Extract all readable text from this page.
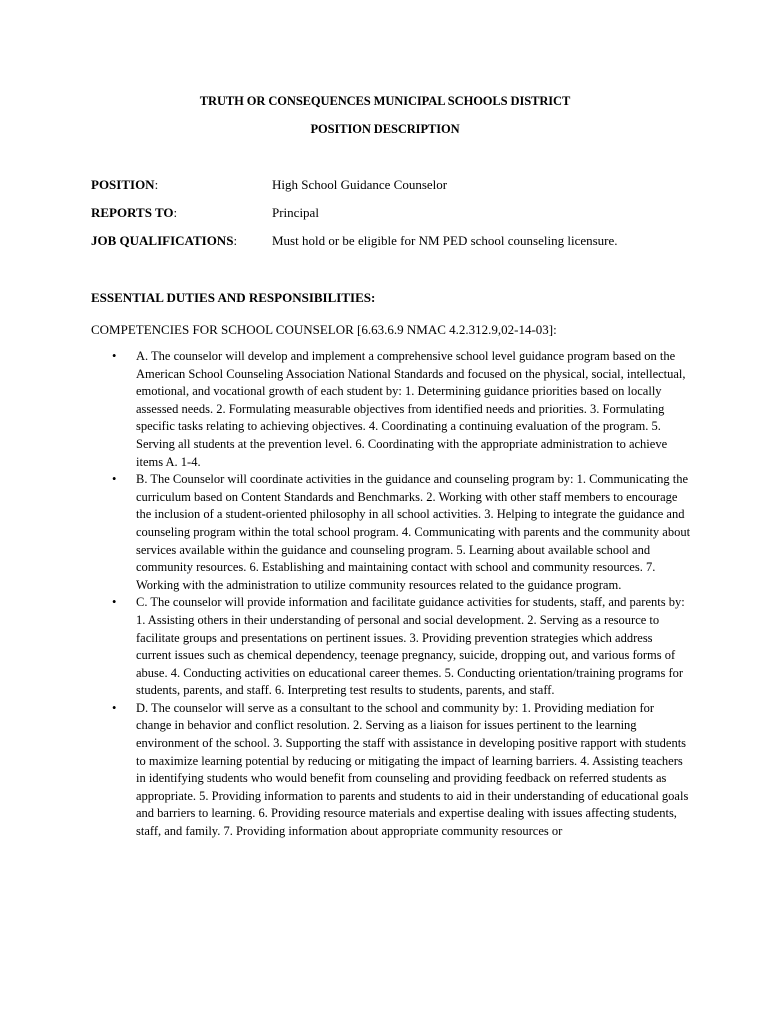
TRUTH OR CONSEQUENCES MUNICIPAL SCHOOLS DISTRICT
POSITION DESCRIPTION
POSITION:	High School Guidance Counselor
REPORTS TO:	Principal
JOB QUALIFICATIONS:	Must hold or be eligible for NM PED school counseling licensure.
ESSENTIAL DUTIES AND RESPONSIBILITIES:
COMPETENCIES FOR SCHOOL COUNSELOR [6.63.6.9 NMAC 4.2.312.9,02-14-03]:
• A. The counselor will develop and implement a comprehensive school level guidance program based on the American School Counseling Association National Standards and focused on the physical, social, intellectual, emotional, and vocational growth of each student by: 1. Determining guidance priorities based on locally assessed needs. 2. Formulating measurable objectives from identified needs and priorities. 3. Formulating specific tasks relating to achieving objectives. 4. Coordinating a continuing evaluation of the program. 5. Serving all students at the prevention level. 6. Coordinating with the appropriate administration to achieve items A. 1-4.
• B. The Counselor will coordinate activities in the guidance and counseling program by: 1. Communicating the curriculum based on Content Standards and Benchmarks. 2. Working with other staff members to encourage the inclusion of a student-oriented philosophy in all school activities. 3. Helping to integrate the guidance and counseling program within the total school program. 4. Communicating with parents and the community about services available within the guidance and counseling program. 5. Learning about available school and community resources. 6. Establishing and maintaining contact with school and community resources. 7. Working with the administration to utilize community resources related to the guidance program.
• C. The counselor will provide information and facilitate guidance activities for students, staff, and parents by: 1. Assisting others in their understanding of personal and social development. 2. Serving as a resource to facilitate groups and presentations on pertinent issues. 3. Providing prevention strategies which address current issues such as chemical dependency, teenage pregnancy, suicide, dropping out, and various forms of abuse. 4. Conducting activities on educational career themes. 5. Conducting orientation/training programs for students, parents, and staff. 6. Interpreting test results to students, parents, and staff.
• D. The counselor will serve as a consultant to the school and community by: 1. Providing mediation for change in behavior and conflict resolution. 2. Serving as a liaison for issues pertinent to the learning environment of the school. 3. Supporting the staff with assistance in developing positive rapport with students to maximize learning potential by reducing or mitigating the impact of learning barriers. 4. Assisting teachers in identifying students who would benefit from counseling and providing feedback on referred students as appropriate. 5. Providing information to parents and students to aid in their understanding of educational goals and barriers to learning. 6. Providing resource materials and expertise dealing with issues affecting students, staff, and family. 7. Providing information about appropriate community resources or
